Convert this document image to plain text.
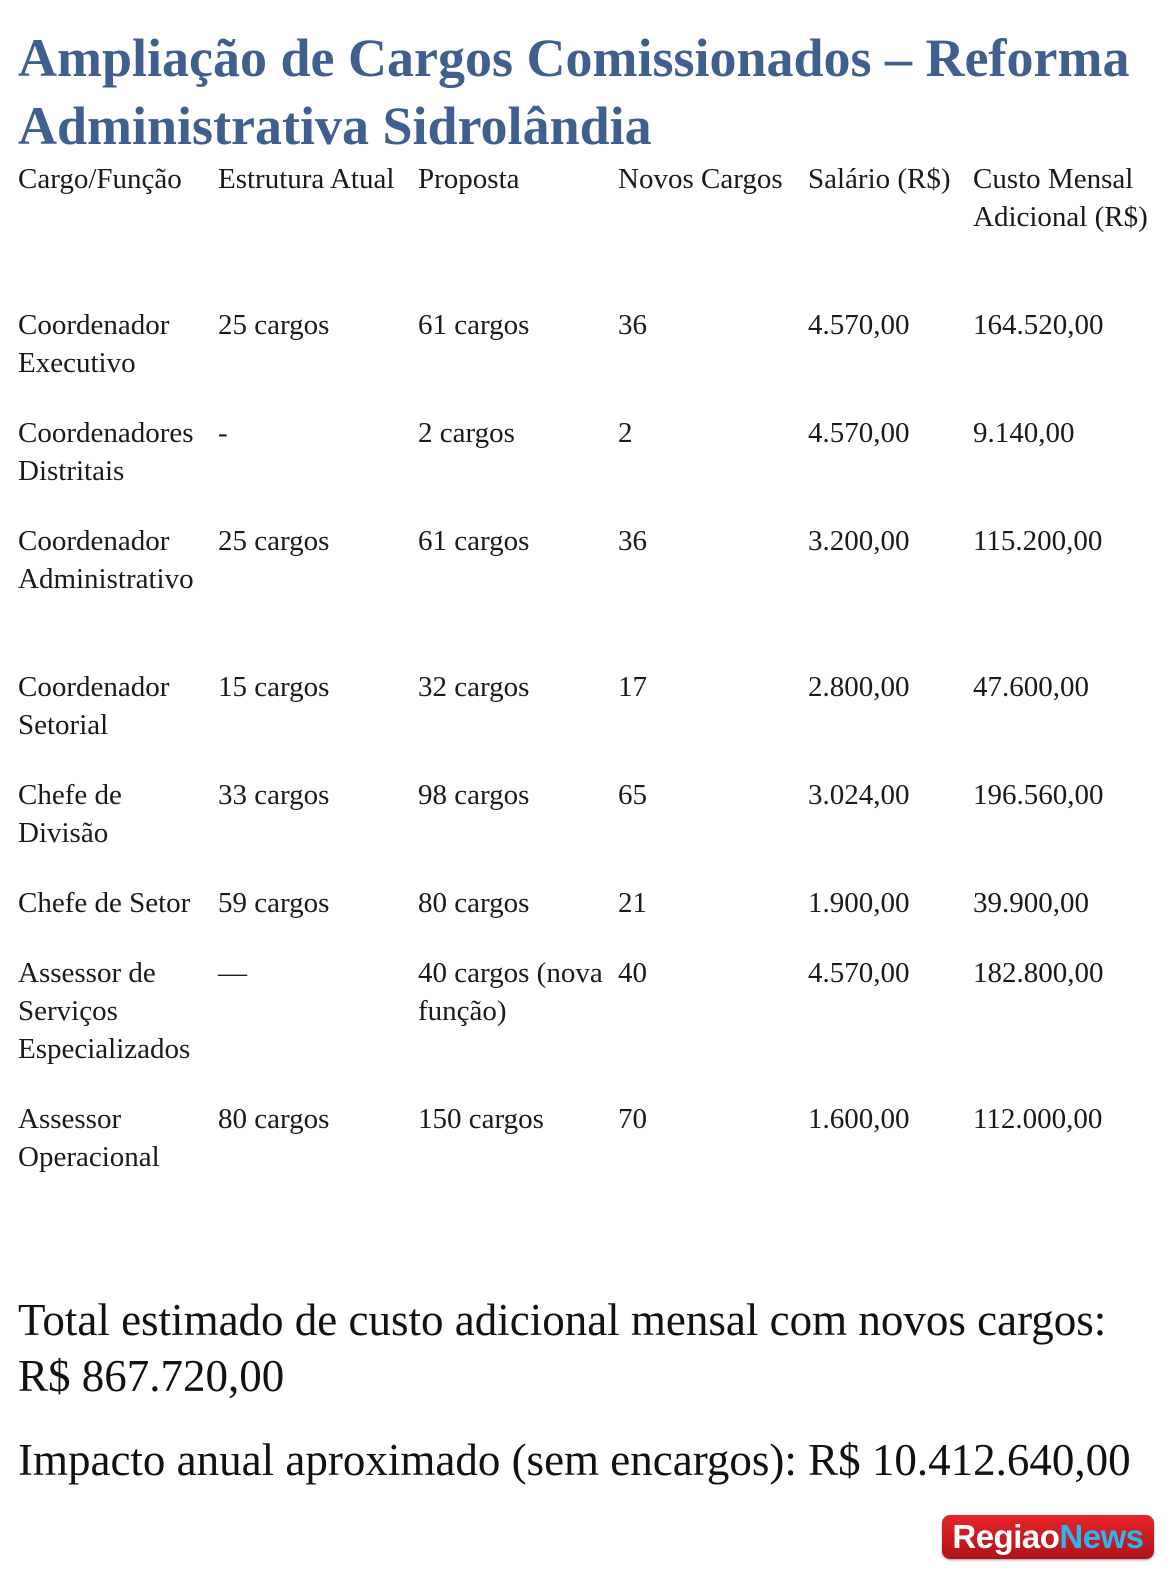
Ampliação de Cargos Comissionados – Reforma Administrativa Sidrolândia
Cargo/Função	Estrutura Atual	Proposta	Novos Cargos	Salário (R$)	Custo Mensal Adicional (R$)
Coordenador Executivo	25 cargos	61 cargos	36	4.570,00	164.520,00
Coordenadores Distritais	-	2 cargos	2	4.570,00	9.140,00
Coordenador Administrativo	25 cargos	61 cargos	36	3.200,00	115.200,00
Coordenador Setorial	15 cargos	32 cargos	17	2.800,00	47.600,00
Chefe de Divisão	33 cargos	98 cargos	65	3.024,00	196.560,00
Chefe de Setor	59 cargos	80 cargos	21	1.900,00	39.900,00
Assessor de Serviços Especializados	—	40 cargos (nova função)	40	4.570,00	182.800,00
Assessor Operacional	80 cargos	150 cargos	70	1.600,00	112.000,00

Total estimado de custo adicional mensal com novos cargos: R$ 867.720,00

Impacto anual aproximado (sem encargos): R$ 10.412.640,00

Regiao News
